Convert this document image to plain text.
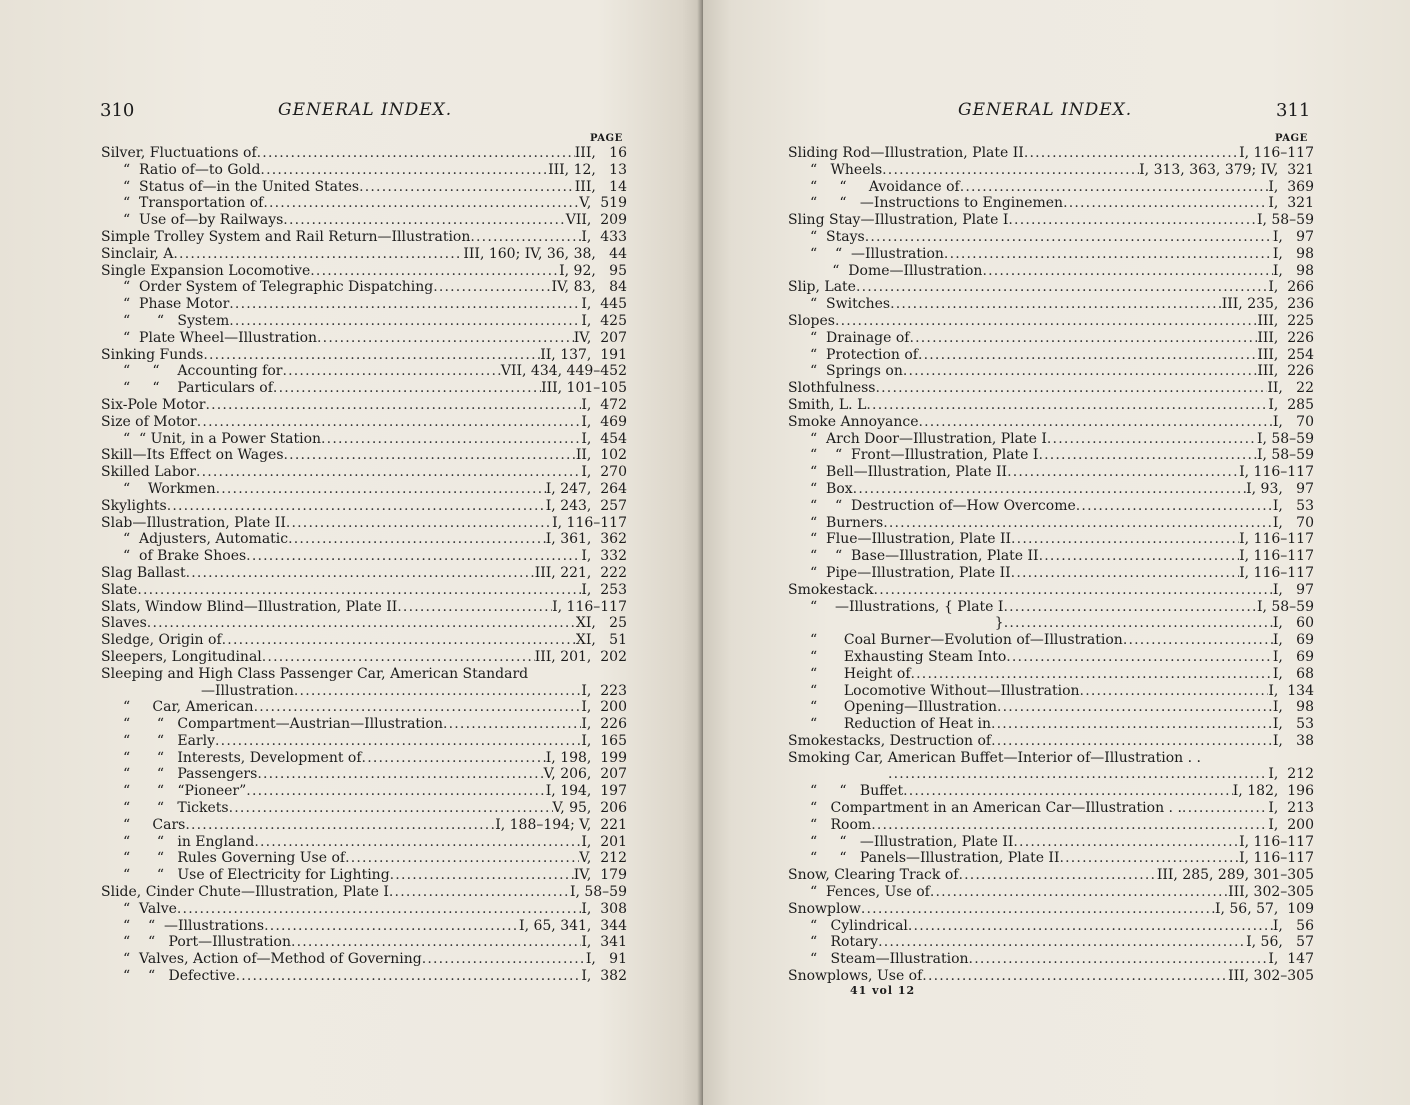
310	GENERAL INDEX.
PAGE
Silver, Fluctuations of .....	III,   16
“  Ratio of—to Gold .....	III, 12,   13
“  Status of—in the United States .....	III,   14
“  Transportation of .....	V,  519
“  Use of—by Railways .....	VII,  209
Simple Trolley System and Rail Return—Illustration .....	I,  433
Sinclair, A .....	III, 160; IV, 36, 38,   44
Single Expansion Locomotive .....	I, 92,   95
“  Order System of Telegraphic Dispatching .....	IV, 83,   84
“  Phase Motor .....	I,  445
“      “   System .....	I,  425
“  Plate Wheel—Illustration .....	IV,  207
Sinking Funds .....	II, 137,  191
“     “    Accounting for .....	VII, 434, 449–452
“     “    Particulars of .....	III, 101–105
Six-Pole Motor .....	I,  472
Size of Motor .....	I,  469
“  “ Unit, in a Power Station .....	I,  454
Skill—Its Effect on Wages .....	II,  102
Skilled Labor .....	I,  270
“    Workmen .....	I, 247,  264
Skylights .....	I, 243,  257
Slab—Illustration, Plate II .....	I, 116–117
“  Adjusters, Automatic .....	I, 361,  362
“  of Brake Shoes .....	I,  332
Slag Ballast .....	III, 221,  222
Slate .....	I,  253
Slats, Window Blind—Illustration, Plate II .....	I, 116–117
Slaves .....	XI,   25
Sledge, Origin of .....	XI,   51
Sleepers, Longitudinal .....	III, 201,  202
Sleeping and High Class Passenger Car, American Standard
—Illustration .....	I,  223
“     Car, American .....	I,  200
“      “   Compartment—Austrian—Illustration .....	I,  226
“      “   Early .....	I,  165
“      “   Interests, Development of .....	I, 198,  199
“      “   Passengers .....	V, 206,  207
“      “   “Pioneer” .....	I, 194,  197
“      “   Tickets .....	V, 95,  206
“     Cars .....	I, 188–194; V,  221
“      “   in England .....	I,  201
“      “   Rules Governing Use of .....	V,  212
“      “   Use of Electricity for Lighting .....	IV,  179
Slide, Cinder Chute—Illustration, Plate I .....	I, 58–59
“  Valve .....	I,  308
“    “  —Illustrations .....	I, 65, 341,  344
“    “   Port—Illustration .....	I,  341
“  Valves, Action of—Method of Governing .....	I,   91
“    “   Defective .....	I,  382
GENERAL INDEX.	311
PAGE
Sliding Rod—Illustration, Plate II .....	I, 116–117
“   Wheels .....	I, 313, 363, 379; IV,  321
“     “     Avoidance of .....	I,  369
“     “   —Instructions to Enginemen .....	I,  321
Sling Stay—Illustration, Plate I .....	I, 58–59
“  Stays .....	I,   97
“    “  —Illustration .....	I,   98
“  Dome—Illustration .....	I,   98
Slip, Late .....	I,  266
“  Switches .....	III, 235,  236
Slopes .....	III,  225
“  Drainage of .....	III,  226
“  Protection of .....	III,  254
“  Springs on .....	III,  226
Slothfulness .....	II,   22
Smith, L. L .....	I,  285
Smoke Annoyance .....	I,   70
“  Arch Door—Illustration, Plate I .....	I, 58–59
“    “  Front—Illustration, Plate I .....	I, 58–59
“  Bell—Illustration, Plate II .....	I, 116–117
“  Box .....	I, 93,   97
“    “  Destruction of—How Overcome .....	I,   53
“  Burners .....	I,   70
“  Flue—Illustration, Plate II .....	I, 116–117
“    “  Base—Illustration, Plate II .....	I, 116–117
“  Pipe—Illustration, Plate II .....	I, 116–117
Smokestack .....	I,   97
“    —Illustrations, { Plate I .....	I, 58–59
} .....	I,   60
“      Coal Burner—Evolution of—Illustration .....	I,   69
“      Exhausting Steam Into .....	I,   69
“      Height of .....	I,   68
“      Locomotive Without—Illustration .....	I,  134
“      Opening—Illustration .....	I,   98
“      Reduction of Heat in .....	I,   53
Smokestacks, Destruction of .....	I,   38
Smoking Car, American Buffet—Interior of—Illustration . .
.....
I,  212
“     “   Buffet .....	I, 182,  196
“   Compartment in an American Car—Illustration . . .....	I,  213
“   Room .....	I,  200
“     “   —Illustration, Plate II .....	I, 116–117
“     “   Panels—Illustration, Plate II .....	I, 116–117
Snow, Clearing Track of .....	III, 285, 289, 301–305
“  Fences, Use of .....	III, 302–305
Snowplow .....	I, 56, 57,  109
“   Cylindrical .....	I,   56
“   Rotary .....	I, 56,   57
“   Steam—Illustration .....	I,  147
Snowplows, Use of .....	III, 302–305
41 vol 12
